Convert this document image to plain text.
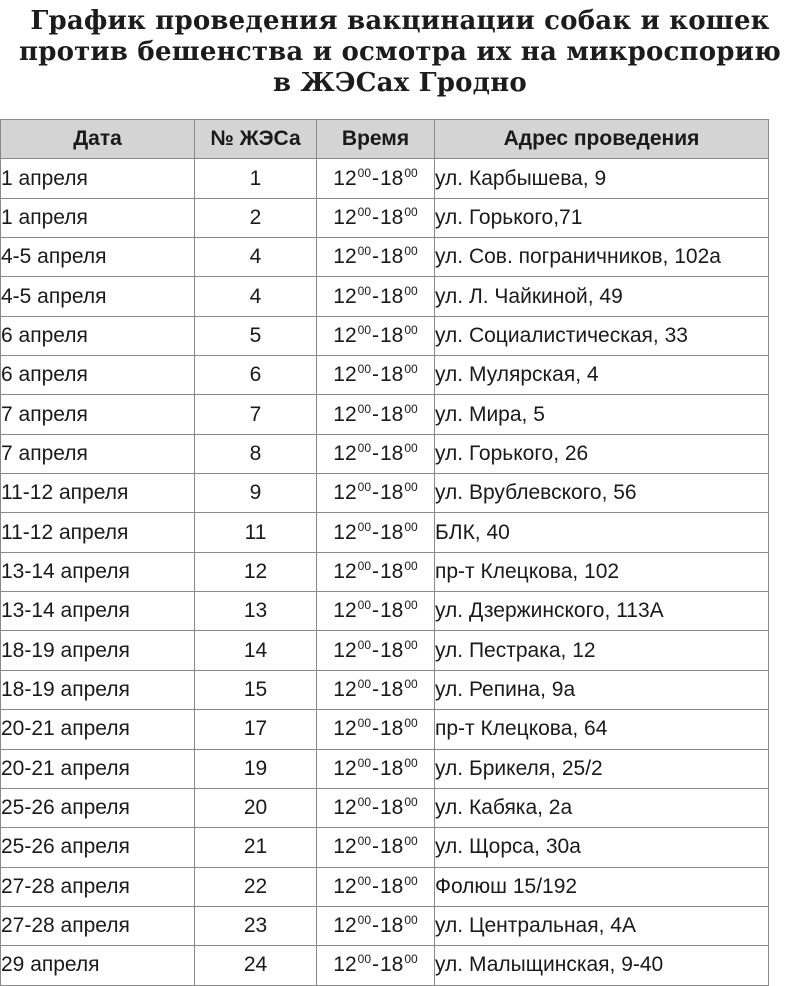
График проведения вакцинации собак и кошек
против бешенства и осмотра их на микроспорию
в ЖЭСах Гродно
Дата	№ ЖЭСа	Время	Адрес проведения
1 апреля	1	$12^{00}-18^{00}$	ул. Карбышева, 9
1 апреля	2	$12^{00}-18^{00}$	ул. Горького,71
4-5 апреля	4	$12^{00}-18^{00}$	ул. Сов. пограничников, 102а
4-5 апреля	4	$12^{00}-18^{00}$	ул. Л. Чайкиной, 49
6 апреля	5	$12^{00}-18^{00}$	ул. Социалистическая, 33
6 апреля	6	$12^{00}-18^{00}$	ул. Мулярская, 4
7 апреля	7	$12^{00}-18^{00}$	ул. Мира, 5
7 апреля	8	$12^{00}-18^{00}$	ул. Горького, 26
11-12 апреля	9	$12^{00}-18^{00}$	ул. Врублевского, 56
11-12 апреля	11	$12^{00}-18^{00}$	БЛК, 40
13-14 апреля	12	$12^{00}-18^{00}$	пр-т Клецкова, 102
13-14 апреля	13	$12^{00}-18^{00}$	ул. Дзержинского, 113А
18-19 апреля	14	$12^{00}-18^{00}$	ул. Пестрака, 12
18-19 апреля	15	$12^{00}-18^{00}$	ул. Репина, 9а
20-21 апреля	17	$12^{00}-18^{00}$	пр-т Клецкова, 64
20-21 апреля	19	$12^{00}-18^{00}$	ул. Брикеля, 25/2
25-26 апреля	20	$12^{00}-18^{00}$	ул. Кабяка, 2а
25-26 апреля	21	$12^{00}-18^{00}$	ул. Щорса, 30а
27-28 апреля	22	$12^{00}-18^{00}$	Фолюш 15/192
27-28 апреля	23	$12^{00}-18^{00}$	ул. Центральная, 4А
29 апреля	24	$12^{00}-18^{00}$	ул. Малыщинская, 9-40
